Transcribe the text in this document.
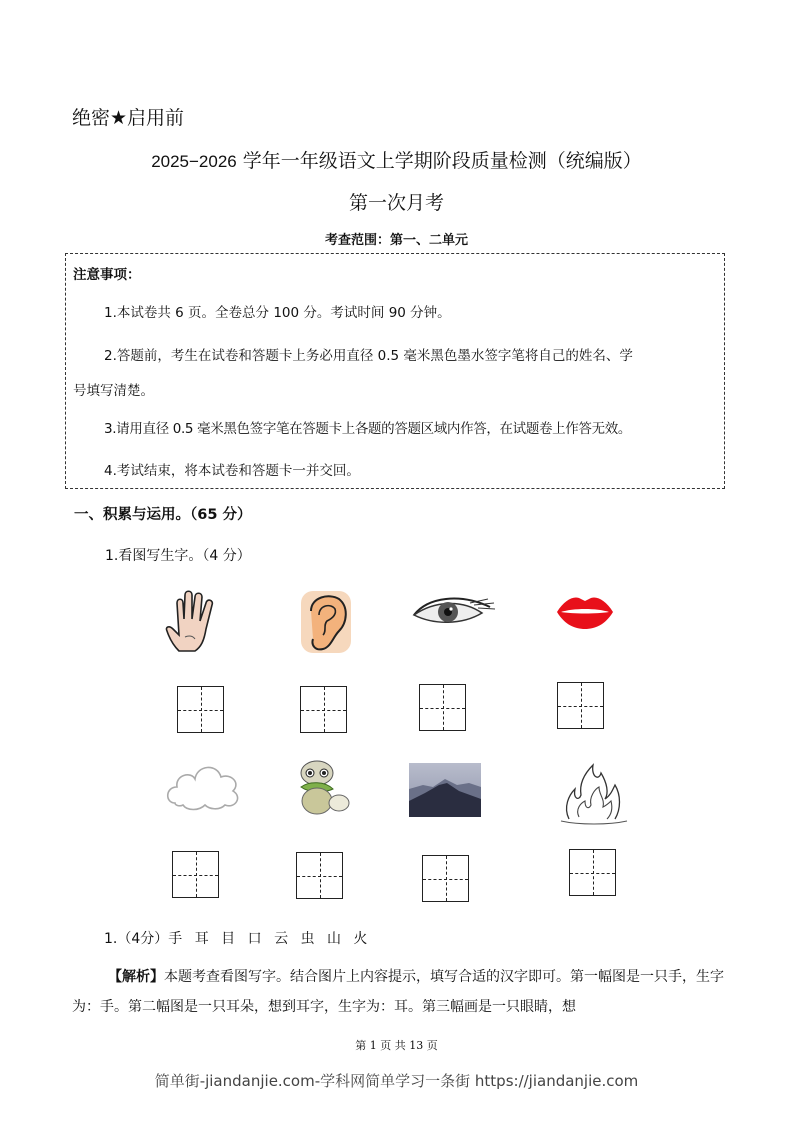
绝密★启用前
2025−2026 学年一年级语文上学期阶段质量检测（统编版）
第一次月考
考查范围：第一、二单元
注意事项：
1.本试卷共 6 页。全卷总分 100 分。考试时间 90 分钟。
2.答题前，考生在试卷和答题卡上务必用直径 0.5 毫米黑色墨水签字笔将自己的姓名、学
号填写清楚。
3.请用直径 0.5 毫米黑色签字笔在答题卡上各题的答题区域内作答，在试题卷上作答无效。
4.考试结束，将本试卷和答题卡一并交回。
一、积累与运用。（65 分）
1.看图写生字。（4 分）
1.（4分）手 耳 目 口 云 虫 山 火
【解析】本题考查看图写字。结合图片上内容提示，填写合适的汉字即可。第一幅图是一只手，生字为：手。第二幅图是一只耳朵，想到耳字，生字为：耳。第三幅画是一只眼睛，想
第 1 页 共 13 页
简单街-jiandanjie.com-学科网简单学习一条街 https://jiandanjie.com
